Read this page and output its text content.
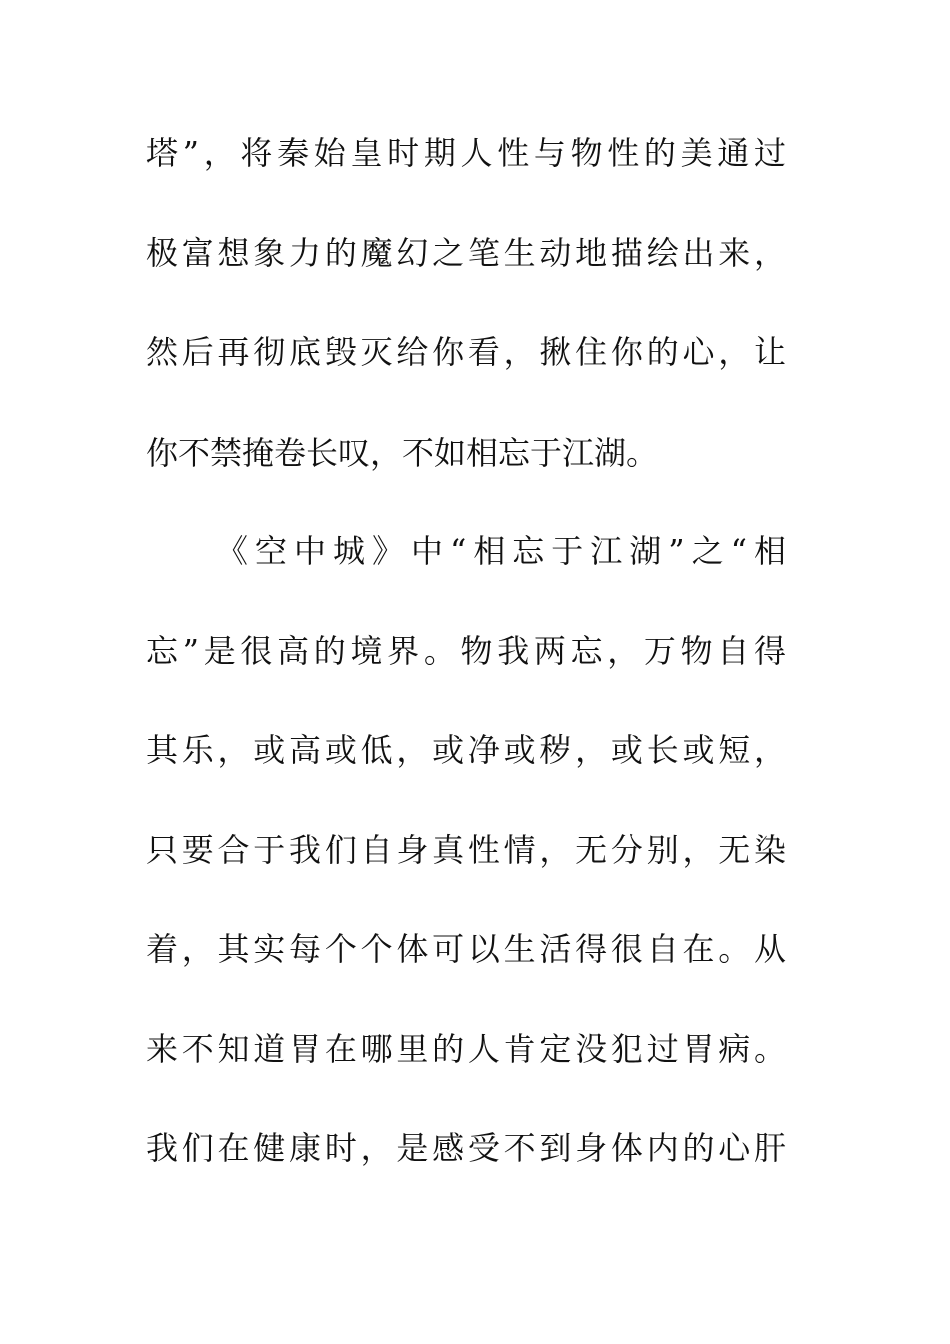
塔”，将秦始皇时期人性与物性的美通过
极富想象力的魔幻之笔生动地描绘出来，
然后再彻底毁灭给你看，揪住你的心，让
你不禁掩卷长叹，不如相忘于江湖。
《空中城》中“相忘于江湖”之“相
忘”是很高的境界。物我两忘，万物自得
其乐，或高或低，或净或秽，或长或短，
只要合于我们自身真性情，无分别，无染
着，其实每个个体可以生活得很自在。从
来不知道胃在哪里的人肯定没犯过胃病。
我们在健康时，是感受不到身体内的心肝
